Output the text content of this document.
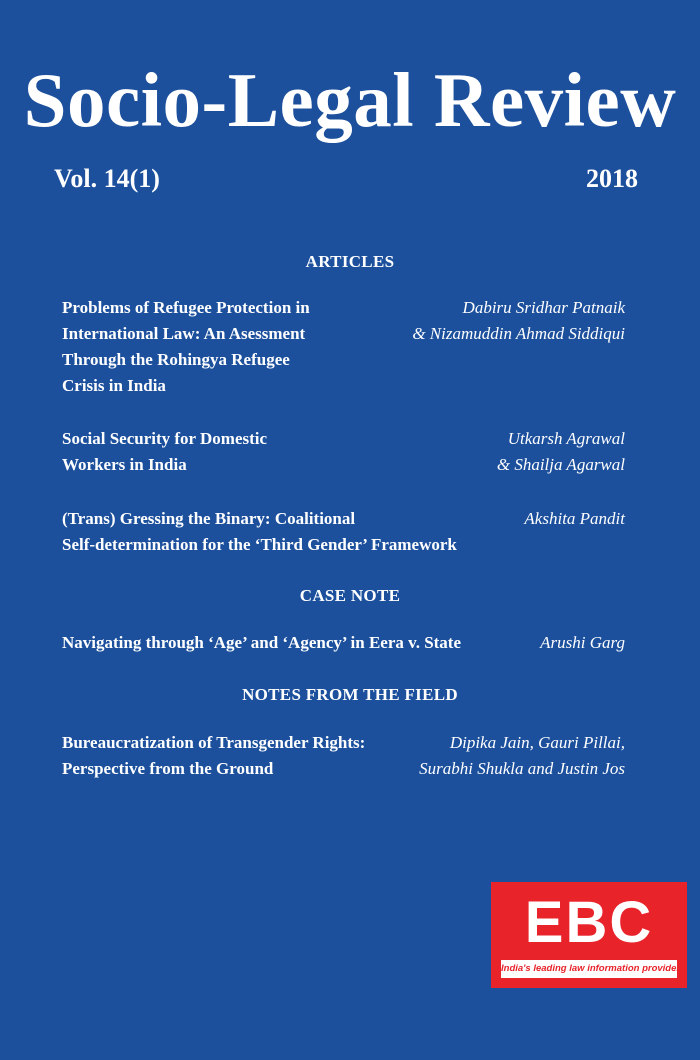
Socio-Legal Review
Vol. 14(1)	2018
ARTICLES
Problems of Refugee Protection in
International Law: An Asessment
Through the Rohingya Refugee
Crisis in India
Dabiru Sridhar Patnaik
& Nizamuddin Ahmad Siddiqui
Social Security for Domestic
Workers in India
Utkarsh Agrawal
& Shailja Agarwal
(Trans) Gressing the Binary: Coalitional
Self-determination for the ‘Third Gender’ Framework
Akshita Pandit
CASE NOTE
Navigating through ‘Age’ and ‘Agency’ in Eera v. State	Arushi Garg
NOTES FROM THE FIELD
Bureaucratization of Transgender Rights:
Perspective from the Ground
Dipika Jain, Gauri Pillai,
Surabhi Shukla and Justin Jos
EBC
India's leading law information provider
